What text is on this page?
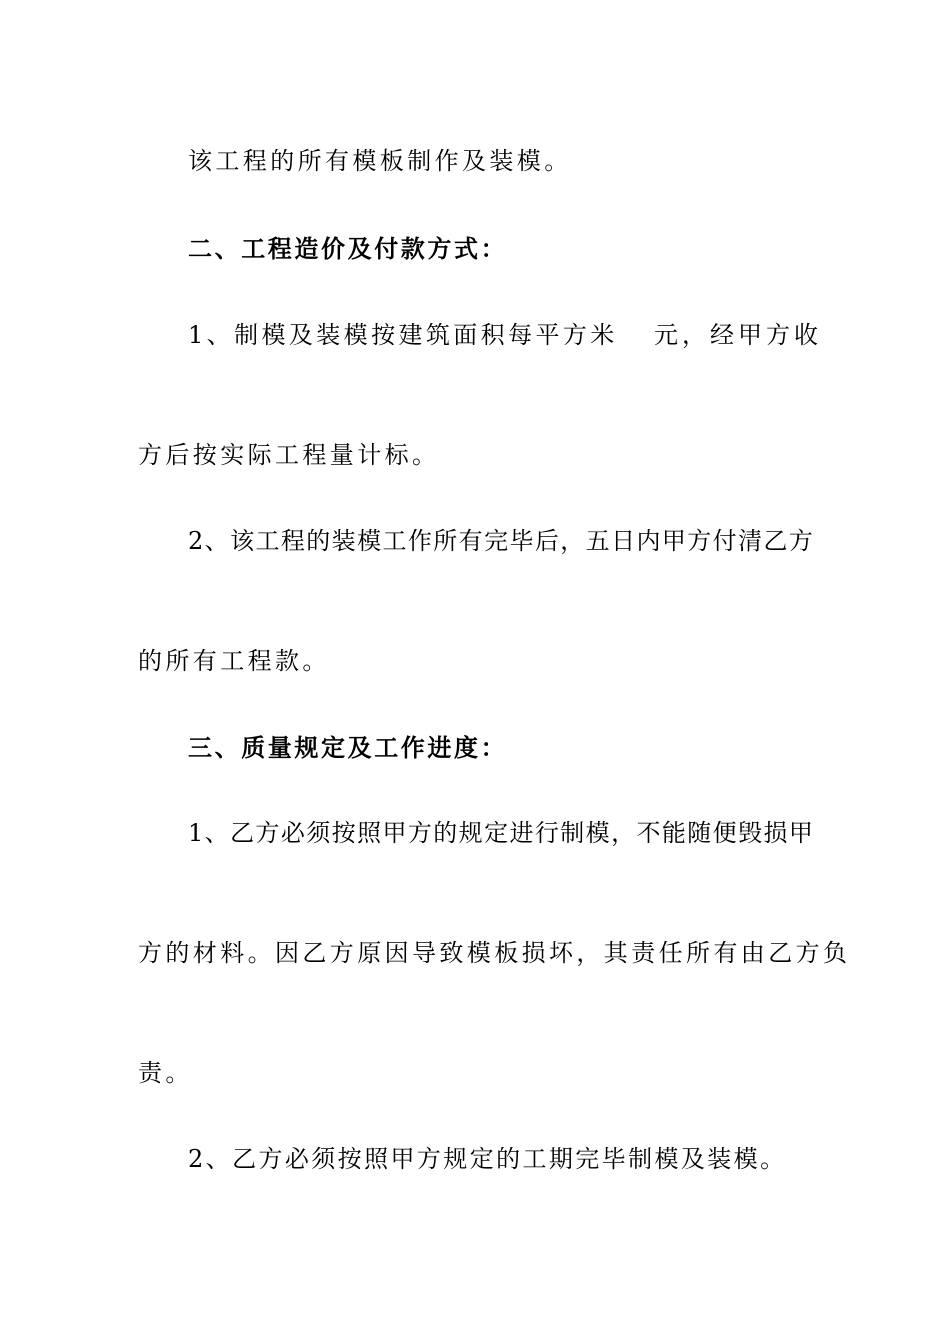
该工程的所有模板制作及装模。
二、工程造价及付款方式：
1、制模及装模按建筑面积每平方米 元，经甲方收
方后按实际工程量计标。
2、该工程的装模工作所有完毕后，五日内甲方付清乙方
的所有工程款。
三、质量规定及工作进度：
1、乙方必须按照甲方的规定进行制模，不能随便毁损甲
方的材料。因乙方原因导致模板损坏，其责任所有由乙方负
责。
2、乙方必须按照甲方规定的工期完毕制模及装模。
